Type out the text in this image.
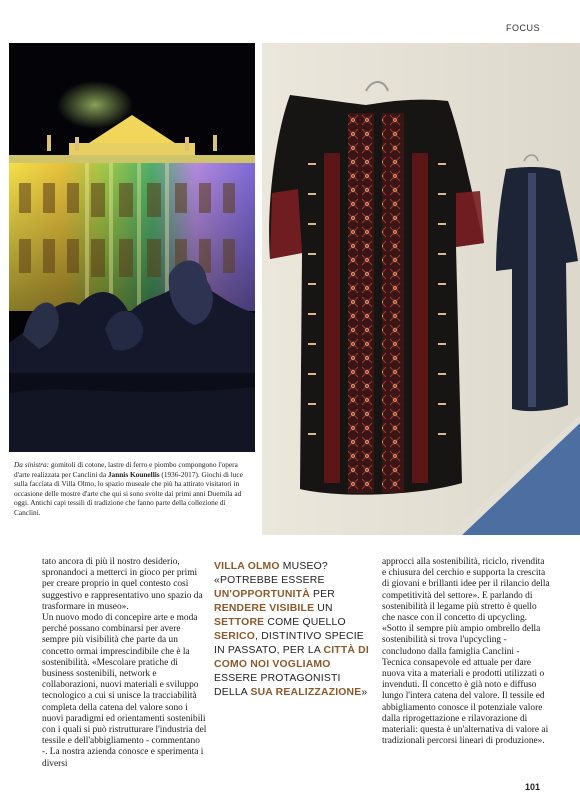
FOCUS
Da sinistra: gomitoli di cotone, lastre di ferro e piombo compongono l'opera d'arte realizzata per Canclini da Jannis Kounellis (1936-2017). Giochi di luce sulla facciata di Villa Olmo, lo spazio museale che più ha attirato visitatori in occasione delle mostre d'arte che qui si sono svolte dai primi anni Duemila ad oggi. Antichi capi tessili di tradizione che fanno parte della collezione di Canclini.

tato ancora di più il nostro desiderio, spronandoci a metterci in gioco per primi per creare proprio in quel contesto così suggestivo e rappresentativo uno spazio da trasformare in museo».

Un nuovo modo di concepire arte e moda perché possano combinarsi per avere sempre più visibilità che parte da un concetto ormai imprescindibile che è la sostenibilità. «Mescolare pratiche di business sostenibili, network e collaborazioni, nuovi materiali e sviluppo tecnologico a cui si unisce la tracciabilità completa della catena del valore sono i nuovi paradigmi ed orientamenti sostenibili con i quali si può ristrutturare l'industria del tessile e dell'abbigliamento - commentano -. La nostra azienda conosce e sperimenta i diversi

VILLA OLMO MUSEO? «POTREBBE ESSERE UN'OPPORTUNITÀ PER RENDERE VISIBILE UN SETTORE COME QUELLO SERICO, DISTINTIVO SPECIE IN PASSATO, PER LA CITTÀ DI COMO NOI VOGLIAMO ESSERE PROTAGONISTI DELLA SUA REALIZZAZIONE»

approcci alla sostenibilità, riciclo, rivendita e chiusura del cerchio e supporta la crescita di giovani e brillanti idee per il rilancio della competitività del settore». E parlando di sostenibilità il legame più stretto è quello che nasce con il concetto di upcycling.

«Sotto il sempre più ampio ombrello della sostenibilità si trova l'upcycling - concludono dalla famiglia Canclini - Tecnica consapevole ed attuale per dare nuova vita a materiali e prodotti utilizzati o invenduti. Il concetto è già noto e diffuso lungo l'intera catena del valore. Il tessile ed abbigliamento conosce il potenziale valore dalla riprogettazione e rilavorazione di materiali: questa è un'alternativa di valore ai tradizionali percorsi lineari di produzione».

101
